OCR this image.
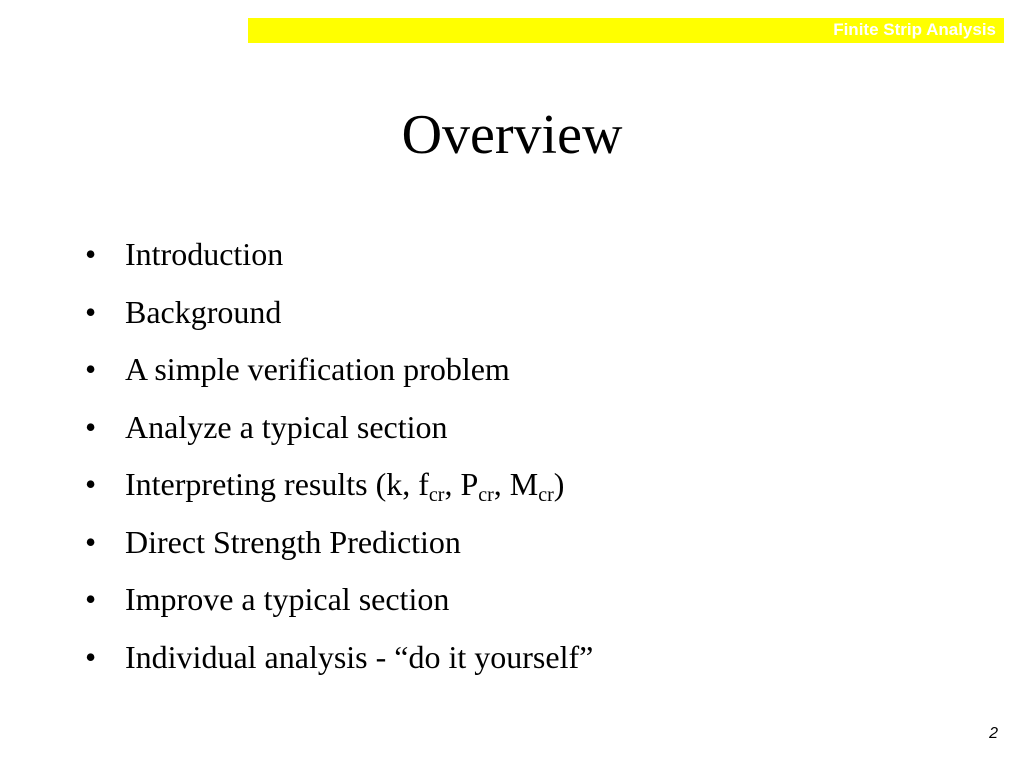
Finite Strip Analysis
Overview
• Introduction
• Background
• A simple verification problem
• Analyze a typical section
• Interpreting results (k, $f_{cr}$, $P_{cr}$, $M_{cr}$)
• Direct Strength Prediction
• Improve a typical section
• Individual analysis - “do it yourself”
2
